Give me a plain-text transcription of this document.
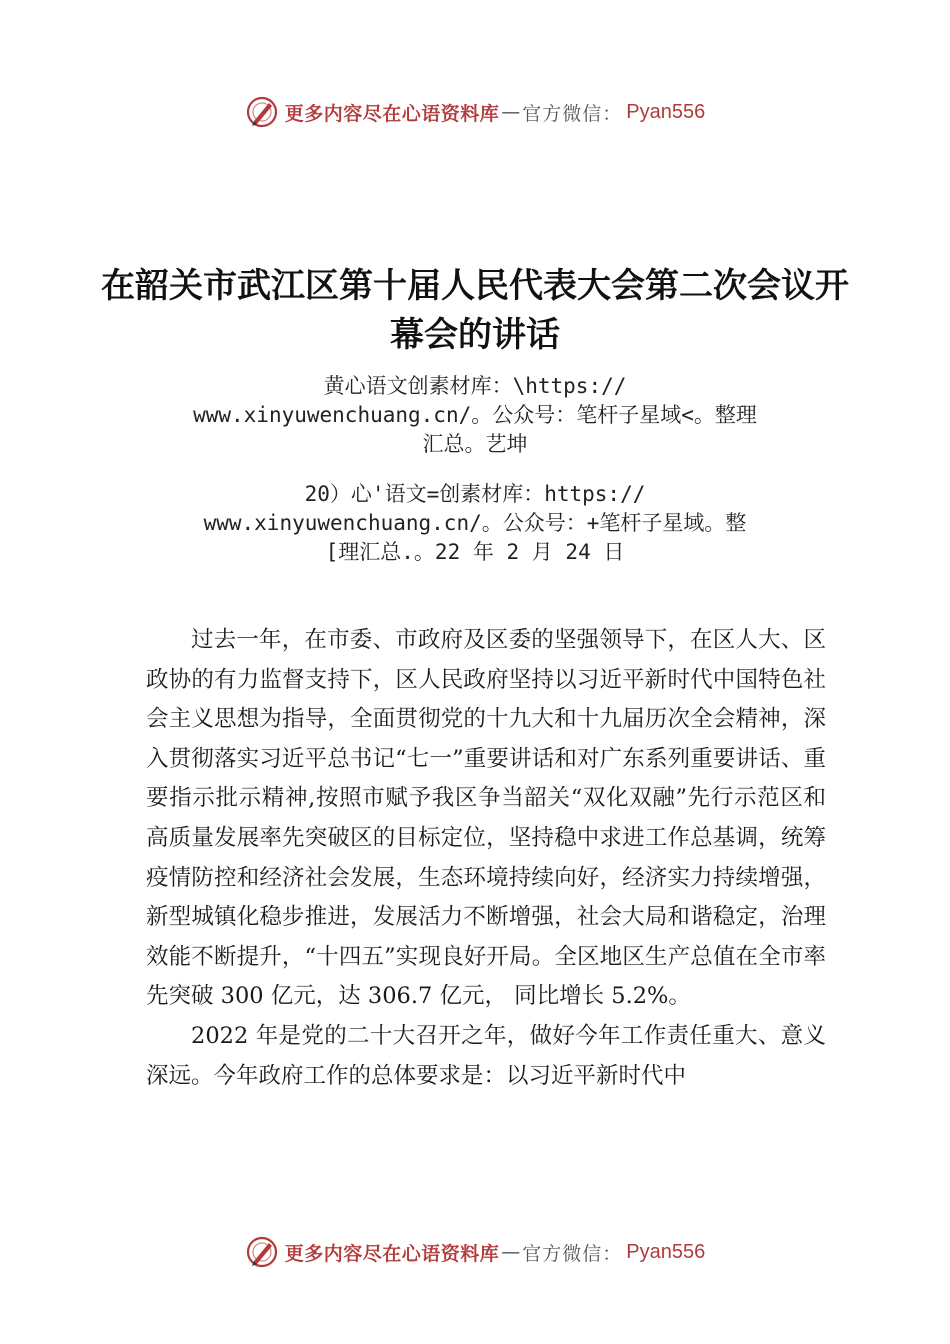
更多内容尽在心语资料库 — 官方微信： Pyan556
在韶关市武江区第十届人民代表大会第二次会议开幕会的讲话
黄心语文创素材库：\https://
www.xinyuwenchuang.cn/。公众号：笔杆子星域<。整理
汇总。艺坤
20）心'语文=创素材库：https://
www.xinyuwenchuang.cn/。公众号：+笔杆子星域。整
[理汇总.。22 年 2 月 24 日

过去一年，在市委、市政府及区委的坚强领导下，在区人大、区政协的有力监督支持下，区人民政府坚持以习近平新时代中国特色社会主义思想为指导，全面贯彻党的十九大和十九届历次全会精神，深入贯彻落实习近平总书记“七一”重要讲话和对广东系列重要讲话、重要指示批示精神,按照市赋予我区争当韶关“双化双融”先行示范区和高质量发展率先突破区的目标定位，坚持稳中求进工作总基调，统筹疫情防控和经济社会发展，生态环境持续向好，经济实力持续增强，新型城镇化稳步推进，发展活力不断增强，社会大局和谐稳定，治理效能不断提升，“十四五”实现良好开局。全区地区生产总值在全市率先突破 300 亿元，达 306.7 亿元， 同比增长 5.2%。

2022 年是党的二十大召开之年，做好今年工作责任重大、意义深远。今年政府工作的总体要求是：以习近平新时代中

更多内容尽在心语资料库 — 官方微信： Pyan556
